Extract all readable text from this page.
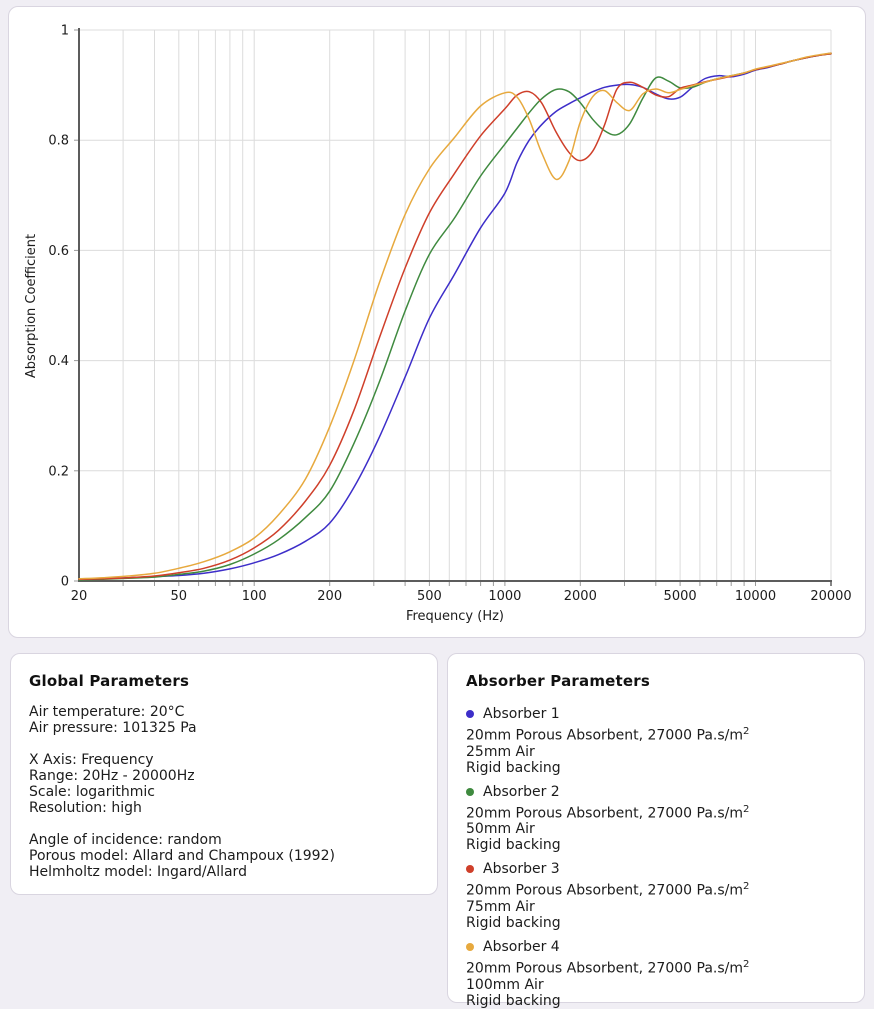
20	50	100	200	500	1000	2000	5000	10000	20000
0
0.2
0.4
0.6
0.8
1
Frequency (Hz)
Absorption Coefficient
Global Parameters
Air temperature: 20°C
Air pressure: 101325 Pa
X Axis: Frequency
Range: 20Hz - 20000Hz
Scale: logarithmic
Resolution: high
Angle of incidence: random
Porous model: Allard and Champoux (1992)
Helmholtz model: Ingard/Allard
Absorber Parameters
Absorber 1
20mm Porous Absorbent, 27000 $Pa.s/m^2$
25mm Air
Rigid backing
Absorber 2
20mm Porous Absorbent, 27000 $Pa.s/m^2$
50mm Air
Rigid backing
Absorber 3
20mm Porous Absorbent, 27000 $Pa.s/m^2$
75mm Air
Rigid backing
Absorber 4
20mm Porous Absorbent, 27000 $Pa.s/m^2$
100mm Air
Rigid backing
